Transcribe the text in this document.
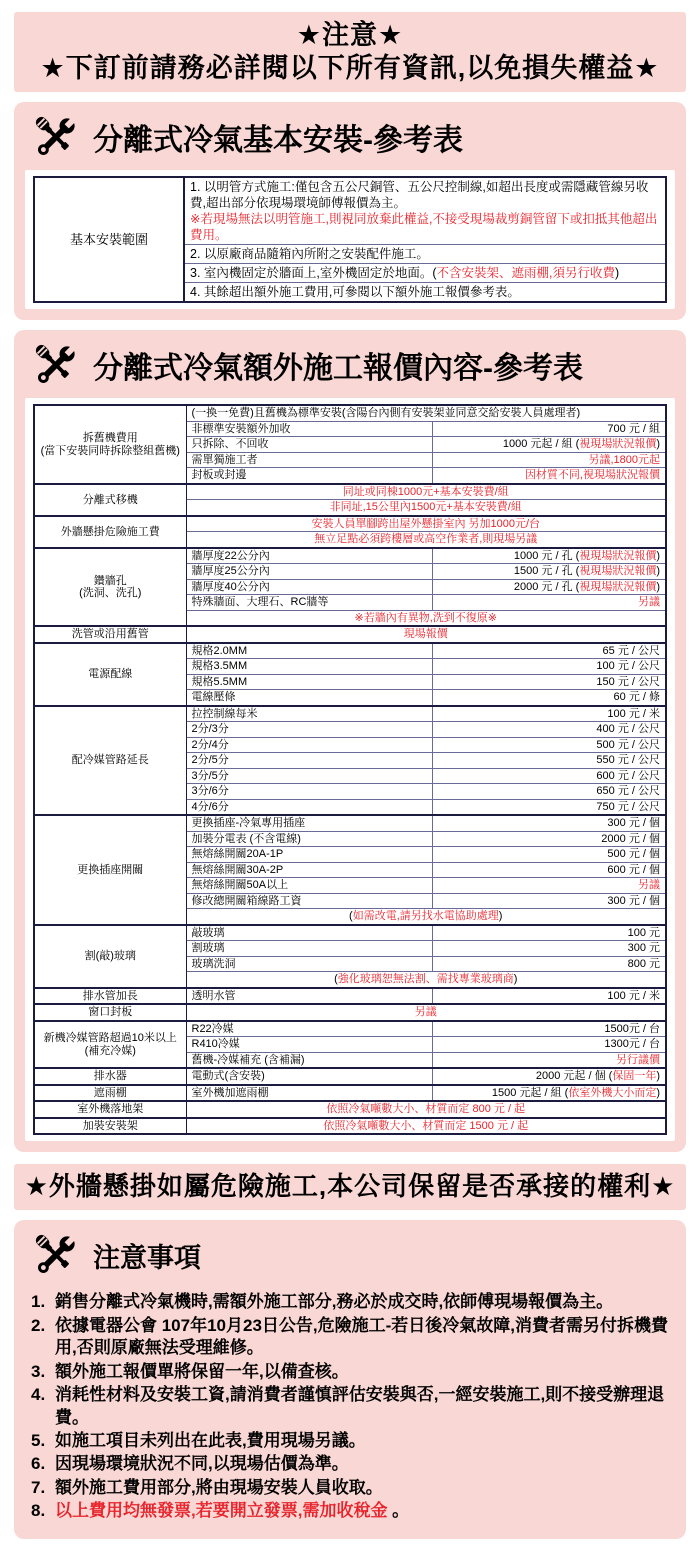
★注意★
★下訂前請務必詳閱以下所有資訊,以免損失權益★
分離式冷氣基本安裝-參考表
基本安裝範圍	
1. 以明管方式施工:僅包含五公尺銅管、五公尺控制線,如超出長度或需隱藏管線另收費,超出部分依現場環境師傅報價為主。
※若現場無法以明管施工,則視同放棄此權益,不接受現場裁剪銅管留下或扣抵其他超出費用。

2. 以原廠商品隨箱內所附之安裝配件施工。

3. 室內機固定於牆面上,室外機固定於地面。(不含安裝架、遮雨棚,須另行收費)

4. 其餘超出額外施工費用,可參閱以下額外施工報價參考表。
分離式冷氣額外施工報價內容-參考表
拆舊機費用
(當下安裝同時拆除整組舊機)	(一換一免費)且舊機為標準安裝(含陽台內側有安裝架並同意交給安裝人員處理者)	
	非標準安裝額外加收	700 元 / 組
	只拆除、不回收	1000 元起 / 組 (視現場狀況報價)
	需單獨施工者	另議,1800元起
	封板或封邊	因材質不同,視現場狀況報價

分離式移機	同址或同棟1000元+基本安裝費/組	
	非同址,15公里內1500元+基本安裝費/組	

外牆懸掛危險施工費	安裝人員單腳跨出屋外懸掛室內 另加1000元/台	
	無立足點必須跨樓層或高空作業者,則現場另議	

鑽牆孔
(洗洞、洗孔)	牆厚度22公分內	1000 元 / 孔 (視現場狀況報價)
	牆厚度25公分內	1500 元 / 孔 (視現場狀況報價)
	牆厚度40公分內	2000 元 / 孔 (視現場狀況報價)
	特殊牆面、大理石、RC牆等	另議
	※若牆內有異物,洗到不復原※	

洗管或沿用舊管	現場報價	

電源配線	規格2.0MM	65 元 / 公尺
	規格3.5MM	100 元 / 公尺
	規格5.5MM	150 元 / 公尺
	電線壓條	60 元 / 條

配冷媒管路延長	拉控制線每米	100 元 / 米
	2分/3分	400 元 / 公尺
	2分/4分	500 元 / 公尺
	2分/5分	550 元 / 公尺
	3分/5分	600 元 / 公尺
	3分/6分	650 元 / 公尺
	4分/6分	750 元 / 公尺

更換插座開關	更換插座-冷氣專用插座	300 元 / 個
	加裝分電表 (不含電線)	2000 元 / 個
	無熔絲開關20A-1P	500 元 / 個
	無熔絲開關30A-2P	600 元 / 個
	無熔絲開關50A以上	另議
	修改總開關箱線路工資	300 元 / 個
	(如需改電,請另找水電協助處理)	

割(敲)玻璃	敲玻璃	100 元
	割玻璃	300 元
	玻璃洗洞	800 元
	(強化玻璃恕無法割、需找專業玻璃商)	

排水管加長	透明水管	100 元 / 米

窗口封板	另議	

新機冷媒管路超過10米以上
(補充冷媒)	R22冷媒	1500元 / 台
	R410冷媒	1300元 / 台
	舊機-冷媒補充 (含補漏)	另行議價

排水器	電動式(含安裝)	2000 元起 / 個 (保固一年)

遮雨棚	室外機加遮雨棚	1500 元起 / 組 (依室外機大小而定)

室外機落地架	依照冷氣噸數大小、材質而定 800 元 / 起	

加裝安裝架	依照冷氣噸數大小、材質而定 1500 元 / 起	
★外牆懸掛如屬危險施工,本公司保留是否承接的權利★
注意事項
1. 銷售分離式冷氣機時,需額外施工部分,務必於成交時,依師傅現場報價為主。
2. 依據電器公會 107年10月23日公告,危險施工-若日後冷氣故障,消費者需另付拆機費用,否則原廠無法受理維修。
3. 額外施工報價單將保留一年,以備查核。
4. 消耗性材料及安裝工資,請消費者謹慎評估安裝與否,一經安裝施工,則不接受辦理退費。
5. 如施工項目未列出在此表,費用現場另議。
6. 因現場環境狀況不同,以現場估價為準。
7. 額外施工費用部分,將由現場安裝人員收取。
8. 以上費用均無發票,若要開立發票,需加收稅金 。
